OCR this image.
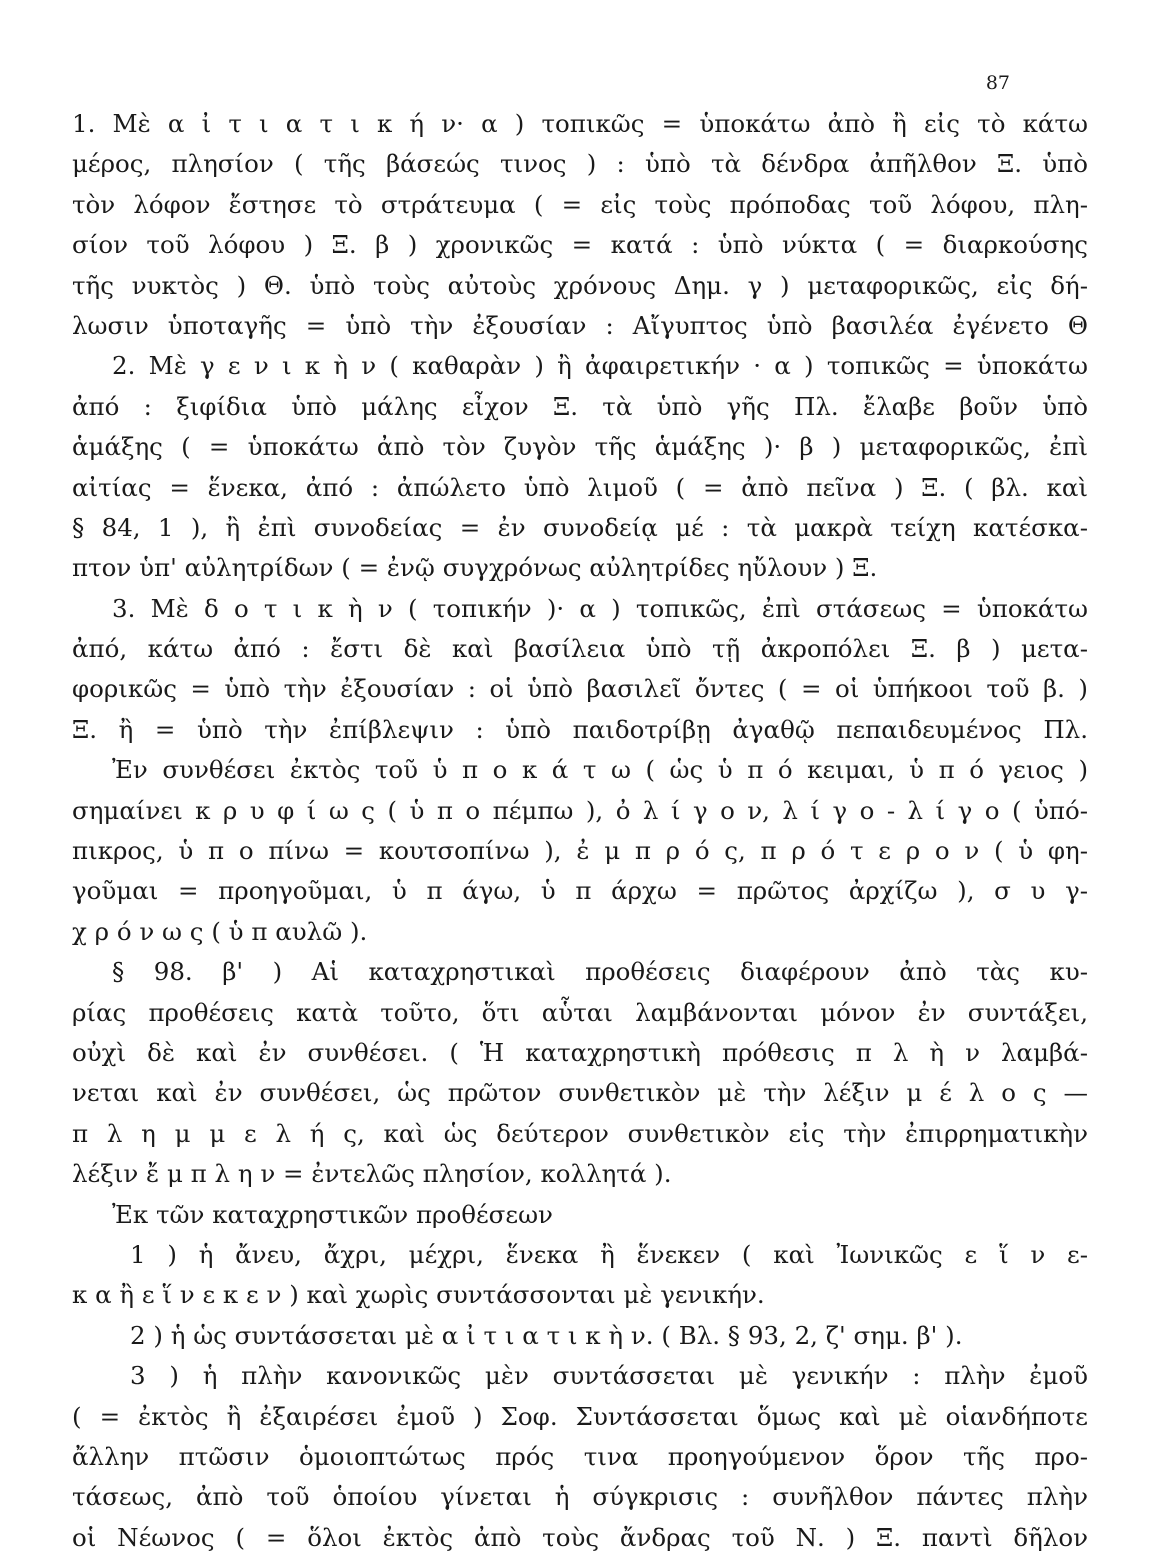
87
1. Μὲ α ἰ τ ι α τ ι κ ή ν· α ) τοπικῶς = ὑποκάτω ἀπὸ ἢ εἰς τὸ κάτω
μέρος, πλησίον ( τῆς βάσεώς τινος ) : ὑπὸ τὰ δένδρα ἀπῆλθον Ξ. ὑπὸ
τὸν λόφον ἔστησε τὸ στράτευμα ( = εἰς τοὺς πρόποδας τοῦ λόφου, πλη-
σίον τοῦ λόφου ) Ξ. β ) χρονικῶς = κατά : ὑπὸ νύκτα ( = διαρκούσης
τῆς νυκτὸς ) Θ. ὑπὸ τοὺς αὐτοὺς χρόνους Δημ. γ ) μεταφορικῶς, εἰς δή-
λωσιν ὑποταγῆς = ὑπὸ τὴν ἐξουσίαν : Αἴγυπτος ὑπὸ βασιλέα ἐγένετο Θ
2. Μὲ γ ε ν ι κ ὴ ν ( καθαρὰν ) ἢ ἀφαιρετικήν · α ) τοπικῶς = ὑποκάτω
ἀπό : ξιφίδια ὑπὸ μάλης εἶχον Ξ. τὰ ὑπὸ γῆς Πλ. ἔλαβε βοῦν ὑπὸ
ἁμάξης ( = ὑποκάτω ἀπὸ τὸν ζυγὸν τῆς ἁμάξης )· β ) μεταφορικῶς, ἐπὶ
αἰτίας = ἕνεκα, ἀπό : ἀπώλετο ὑπὸ λιμοῦ ( = ἀπὸ πεῖνα ) Ξ. ( βλ. καὶ
§ 84, 1 ), ἢ ἐπὶ συνοδείας = ἐν συνοδείᾳ μέ : τὰ μακρὰ τείχη κατέσκα-
πτον ὑπ' αὐλητρίδων ( = ἐνῷ συγχρόνως αὐλητρίδες ηὔλουν ) Ξ.
3. Μὲ δ ο τ ι κ ὴ ν ( τοπικήν )· α ) τοπικῶς, ἐπὶ στάσεως = ὑποκάτω
ἀπό, κάτω ἀπό : ἔστι δὲ καὶ βασίλεια ὑπὸ τῇ ἀκροπόλει Ξ. β ) μετα-
φορικῶς = ὑπὸ τὴν ἐξουσίαν : οἱ ὑπὸ βασιλεῖ ὄντες ( = οἱ ὑπήκοοι τοῦ β. )
Ξ. ἢ = ὑπὸ τὴν ἐπίβλεψιν : ὑπὸ παιδοτρίβῃ ἀγαθῷ πεπαιδευμένος Πλ.
Ἐν συνθέσει ἐκτὸς τοῦ ὑ π ο κ ά τ ω ( ὡς ὑ π ό κειμαι, ὑ π ό γειος )
σημαίνει κ ρ υ φ ί ω ς ( ὑ π ο πέμπω ), ὀ λ ί γ ο ν, λ ί γ ο - λ ί γ ο ( ὑπό-
πικρος, ὑ π ο πίνω = κουτσοπίνω ), ἐ μ π ρ ό ς, π ρ ό τ ε ρ ο ν ( ὑ φη-
γοῦμαι = προηγοῦμαι, ὑ π άγω, ὑ π άρχω = πρῶτος ἀρχίζω ), σ υ γ-
χ ρ ό ν ω ς ( ὑ π αυλῶ ).
§ 98. β' ) Αἱ καταχρηστικαὶ προθέσεις διαφέρουν ἀπὸ τὰς κυ-
ρίας προθέσεις κατὰ τοῦτο, ὅτι αὗται λαμβάνονται μόνον ἐν συντάξει,
οὐχὶ δὲ καὶ ἐν συνθέσει. ( Ἡ καταχρηστικὴ πρόθεσις π λ ὴ ν λαμβά-
νεται καὶ ἐν συνθέσει, ὡς πρῶτον συνθετικὸν μὲ τὴν λέξιν μ έ λ ο ς —
π λ η μ μ ε λ ή ς, καὶ ὡς δεύτερον συνθετικὸν εἰς τὴν ἐπιρρηματικὴν
λέξιν ἔ μ π λ η ν = ἐντελῶς πλησίον, κολλητά ).
Ἐκ τῶν καταχρηστικῶν προθέσεων
1 ) ἡ ἄνευ, ἄχρι, μέχρι, ἕνεκα ἢ ἕνεκεν ( καὶ Ἰωνικῶς ε ἵ ν ε-
κ α ἢ ε ἵ ν ε κ ε ν ) καὶ χωρὶς συντάσσονται μὲ γενικήν.
2 ) ἡ ὡς συντάσσεται μὲ α ἰ τ ι α τ ι κ ὴ ν. ( Βλ. § 93, 2, ζ' σημ. β' ).
3 ) ἡ πλὴν κανονικῶς μὲν συντάσσεται μὲ γενικήν : πλὴν ἐμοῦ
( = ἐκτὸς ἢ ἐξαιρέσει ἐμοῦ ) Σοφ. Συντάσσεται ὅμως καὶ μὲ οἱανδήποτε
ἄλλην πτῶσιν ὁμοιοπτώτως πρός τινα προηγούμενον ὅρον τῆς προ-
τάσεως, ἀπὸ τοῦ ὁποίου γίνεται ἡ σύγκρισις : συνῆλθον πάντες πλὴν
οἱ Νέωνος ( = ὅλοι ἐκτὸς ἀπὸ τοὺς ἄνδρας τοῦ Ν. ) Ξ. παντὶ δῆλον
